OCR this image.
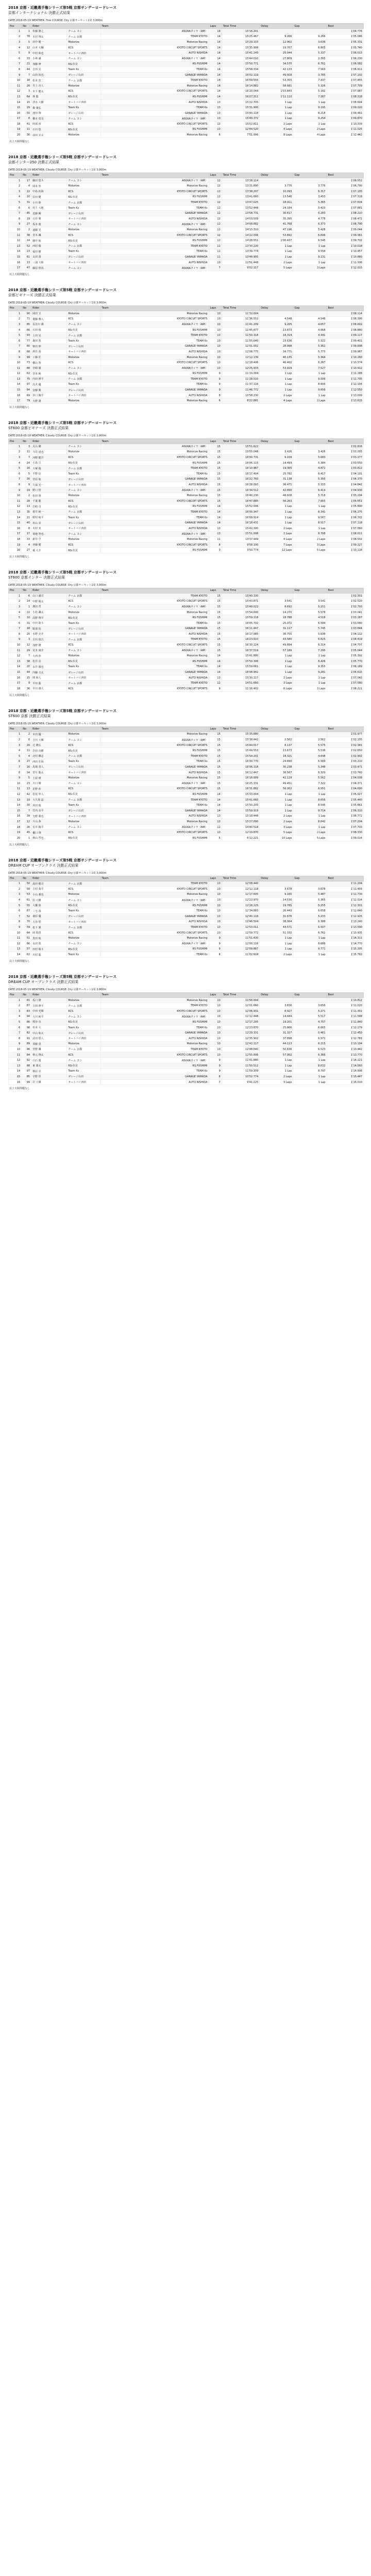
2018 京都・近畿選手権シリーズ第5戦 京都サンデーロードレース
京都インターナショナル 決勝正式結果
DATE:2018-05-19 WEATHER: Fine COURSE: Dry 京都サーキット1周 3,000m
Pos	No	Rider		Team	Laps	Total Time	Delay	Gap	Best
1	1	佐藤 隆之	チーム ヨシ	ASUKAタイヤ（AM）	14	15'16.201			1'04.776
2	78	木村 翔太	チーム 京都	TEAM KYOTO	14	15'25.467	9.266	9.266	1'05.086
3	5	田中 健一	Motorize	Motorize Racing	14	15'29.103	12.902	3.636	1'05.331
4	12	山本 大輔	KCS	KYOTO CIRCUIT SPORTS	14	15'35.908	19.707	6.805	1'05.740
5	9	中村 和也	オートバイ西田	AUTO NISHIDA	14	15'41.245	25.044	5.337	1'06.013
6	33	小林 誠	チーム ヨシ	ASUKAタイヤ（AM）	14	15'44.010	27.809	2.765	1'06.230
7	21	加藤 修	RS-伏見	RS FUSHIMI	14	15'50.771	34.570	6.761	1'06.582
8	44	吉田 亮	Team Ks	TEAM Ks	14	15'58.334	42.133	7.563	1'06.911
9	7	山田 拓也	ガレージ山田	GARAGE YAMADA	14	16'02.119	45.918	3.785	1'07.102
10	18	松本 浩二	チーム 京都	TEAM KYOTO	14	16'09.556	53.355	7.437	1'07.455
11	26	井上 直人	Motorize	Motorize Racing	14	16'14.882	58.681	5.326	1'07.709
12	3	木下 健太	KCS	KYOTO CIRCUIT SPORTS	14	16'20.044	1'03.843	5.162	1'07.987
13	64	林 聡	RS-伏見	RS FUSHIMI	14	16'27.311	1'11.110	7.267	1'08.318
14	15	清水 大樹	オートバイ西田	AUTO NISHIDA	13	15'22.705	1 Lap	1 Lap	1'08.604
15	29	森 康弘	Team Ks	TEAM Ks	13	15'31.900	1 Lap	9.195	1'09.020
16	50	池田 翔	ガレージ山田	GARAGE YAMADA	13	15'40.118	1 Lap	8.218	1'09.441
17	8	橋本 勇気	チーム ヨシ	ASUKAタイヤ（AM）	13	15'49.372	1 Lap	9.254	1'09.870
18	41	阿部 淳	KCS	KYOTO CIRCUIT SPORTS	12	15'02.811	2 Laps	1 Lap	1'10.339
19	11	石川 悠	RS-伏見	RS FUSHIMI	10	12'44.520	4 Laps	2 Laps	1'11.025
20	36	前田 亮太	Motorize	Motorize Racing	6	7'51.006	8 Laps	4 Laps	1'12.442
以上天候問題なし
2018 京都・近畿選手権シリーズ第5戦 京都サンデーロードレース
京都インター250 決勝正式結果
DATE:2018-05-19 WEATHER: Cloudy COURSE: Dry 京都サーキット1周 3,000m
Pos	No	Rider		Team	Laps	Total Time	Delay	Gap	Best
1	17	藤田 悠斗	チーム ヨシ	ASUKAタイヤ（AM）	12	13'28.114			1'06.552
2	4	岡本 隼	Motorize	Motorize Racing	12	13'31.890	3.776	3.776	1'06.790
3	22	中島 拓海	KCS	KYOTO CIRCUIT SPORTS	12	13'38.207	10.093	6.317	1'07.105
4	10	原田 健	RS-伏見	RS FUSHIMI	12	13'41.660	13.546	3.453	1'07.318
5	31	小川 陸	チーム 京都	TEAM KYOTO	12	13'47.025	18.911	5.365	1'07.604
6	6	村上 大地	Team Ks	TEAM Ks	12	13'52.448	24.334	5.423	1'07.881
7	45	近藤 瞬	ガレージ山田	GARAGE YAMADA	12	13'58.731	30.617	6.283	1'08.210
8	19	石井 翼	オートバイ西田	AUTO NISHIDA	12	14'03.509	35.395	4.778	1'08.472
9	27	坂本 蓮	チーム ヨシ	ASUKAタイヤ（AM）	12	14'09.882	41.768	6.373	1'08.790
10	2	遠藤 光	Motorize	Motorize Racing	12	14'15.310	47.196	5.428	1'09.044
11	38	青木 颯	KCS	KYOTO CIRCUIT SPORTS	12	14'22.006	53.892	6.696	1'09.381
12	14	藤井 航	RS-伏見	RS FUSHIMI	12	14'28.551	1'00.437	6.545	1'09.702
13	52	西村 陽	チーム 京都	TEAM KYOTO	11	13'30.220	1 Lap	1 Lap	1'10.018
14	23	福田 樹	Team Ks	TEAM Ks	11	13'39.774	1 Lap	9.554	1'10.457
15	61	太田 湊	ガレージ山田	GARAGE YAMADA	11	13'48.905	1 Lap	9.131	1'10.880
16	13	三浦 大和	オートバイ西田	AUTO NISHIDA	10	12'51.448	2 Laps	1 Lap	1'11.306
17	47	藤原 悠真	チーム ヨシ	ASUKAタイヤ（AM）	7	9'02.117	5 Laps	3 Laps	1'12.015
以上天候問題なし
2018 京都・近畿選手権シリーズ第5戦 京都サンデーロードレース
京都ビギナーズ 決勝正式結果
DATE:2018-05-19 WEATHER: Cloudy COURSE: Dry 京都サーキット1周 3,000m
Pos	No	Rider		Team	Laps	Total Time	Delay	Gap	Best
1	90	岡田 圭	Motorize	Motorize Racing	10	11'32.004			1'08.114
2	71	後藤 雅人	KCS	KYOTO CIRCUIT SPORTS	10	11'36.552	4.548	4.548	1'08.390
3	85	長谷川 潤	チーム ヨシ	ASUKAタイヤ（AM）	10	11'41.209	9.205	4.657	1'08.602
4	66	石田 慎	RS-伏見	RS FUSHIMI	10	11'45.877	13.873	4.668	1'08.880
5	93	上田 晃	チーム 京都	TEAM KYOTO	10	11'50.318	18.314	4.441	1'09.117
6	77	森田 敦	Team Ks	TEAM Ks	10	11'55.640	23.636	5.322	1'09.401
7	80	柴田 伸	ガレージ山田	GARAGE YAMADA	10	12'01.002	28.998	5.362	1'09.698
8	68	酒井 裕	オートバイ西田	AUTO NISHIDA	10	12'06.775	34.771	5.773	1'09.987
9	99	工藤 匠	Motorize	Motorize Racing	10	12'12.139	40.135	5.364	1'10.260
10	73	横山 智	KCS	KYOTO CIRCUIT SPORTS	10	12'18.406	46.402	6.267	1'10.574
11	88	宮崎 徹	チーム ヨシ	ASUKAタイヤ（AM）	10	12'25.933	53.929	7.527	1'10.912
12	62	宮本 純	RS-伏見	RS FUSHIMI	9	11'19.004	1 Lap	1 Lap	1'11.288
13	75	内田 修平	チーム 京都	TEAM KYOTO	9	11'28.510	1 Lap	9.506	1'11.705
14	97	高木 優	Team Ks	TEAM Ks	9	11'37.116	1 Lap	8.606	1'12.104
15	84	安藤 勝	ガレージ山田	GARAGE YAMADA	9	11'46.772	1 Lap	9.656	1'12.550
16	69	谷口 陽介	オートバイ西田	AUTO NISHIDA	8	10'58.230	2 Laps	1 Lap	1'13.009
17	79	大野 雄	Motorize	Motorize Racing	6	8'22.881	4 Laps	2 Laps	1'13.615
以上天候問題なし
2018 京都・近畿選手権シリーズ第5戦 京都サンデーロードレース
ST600 京都ビギナーズ 決勝正式結果
DATE:2018-05-19 WEATHER: Cloudy COURSE: Dry 京都サーキット1周 3,000m
Pos	No	Rider		Team	Laps	Total Time	Delay	Gap	Best
1	3	丸山 剛	チーム ヨシ	ASUKAタイヤ（AM）	15	15'51.622			1'02.816
2	11	今井 達也	Motorize	Motorize Racing	15	15'55.048	3.426	3.426	1'03.005
3	7	河野 健吾	KCS	KYOTO CIRCUIT SPORTS	15	16'00.731	9.109	5.683	1'03.277
4	24	小島 亘	RS-伏見	RS FUSHIMI	15	16'06.115	14.493	5.384	1'03.550
5	16	大塚 俊	チーム 京都	TEAM KYOTO	15	16'10.987	19.365	4.872	1'03.812
6	5	平野 信	Team Ks	TEAM Ks	15	16'17.404	25.782	6.417	1'04.101
7	30	菅原 航	ガレージ山田	GARAGE YAMADA	15	16'22.760	31.138	5.356	1'04.370
8	9	久保 光一	オートバイ西田	AUTO NISHIDA	15	16'28.093	36.471	5.333	1'04.642
9	19	野口 悟	チーム ヨシ	ASUKAタイヤ（AM）	15	16'34.512	42.890	6.419	1'04.930
10	2	松田 将	Motorize	Motorize Racing	15	16'40.230	48.608	5.718	1'05.204
11	28	千葉 龍	KCS	KYOTO CIRCUIT SPORTS	15	16'47.885	56.263	7.655	1'05.551
12	13	岩崎 司	RS-伏見	RS FUSHIMI	14	15'52.006	1 Lap	1 Lap	1'05.890
13	35	桜井 純一	チーム 京都	TEAM KYOTO	14	16'00.347	1 Lap	8.341	1'06.275
14	21	野村 航平	Team Ks	TEAM Ks	14	16'09.914	1 Lap	9.567	1'06.702
15	40	杉山 昇	ガレージ山田	GARAGE YAMADA	14	16'18.431	1 Lap	8.517	1'07.118
16	8	木村 実	オートバイ西田	AUTO NISHIDA	13	15'42.300	2 Laps	1 Lap	1'07.560
17	17	菊地 智也	チーム ヨシ	ASUKAタイヤ（AM）	13	15'51.008	2 Laps	8.708	1'08.011
18	33	新井 亨	Motorize	Motorize Racing	11	13'37.449	4 Laps	2 Laps	1'08.502
19	4	斉藤 健	KCS	KYOTO CIRCUIT SPORTS	8	9'58.100	7 Laps	3 Laps	1'09.227
20	27	堀 大介	RS-伏見	RS FUSHIMI	3	3'50.774	12 Laps	5 Laps	1'10.118
以上天候問題なし
2018 京都・近畿選手権シリーズ第5戦 京都サンデーロードレース
ST600 京都インター 決勝正式結果
DATE:2018-05-19 WEATHER: Cloudy COURSE: Dry 京都サーキット1周 3,000m
Pos	No	Rider		Team	Laps	Total Time	Delay	Gap	Best
1	6	山口 誠司	チーム 京都	TEAM KYOTO	15	15'40.330			1'02.301
2	14	中野 陽太	KCS	KYOTO CIRCUIT SPORTS	15	15'43.871	3.541	3.541	1'02.520
3	1	増田 哲	チーム ヨシ	ASUKAタイヤ（AM）	15	15'49.022	8.692	5.151	1'02.793
4	22	小松 颯太	Motorize	Motorize Racing	15	15'54.600	14.270	5.578	1'03.041
5	10	高野 翔平	RS-伏見	RS FUSHIMI	15	15'59.118	18.788	4.518	1'03.287
6	31	中川 陸斗	Team Ks	TEAM Ks	15	16'05.702	25.372	6.584	1'03.580
7	18	服部 拓	ガレージ山田	GARAGE YAMADA	15	16'11.447	31.117	5.745	1'03.844
8	25	水野 亮介	オートバイ西田	AUTO NISHIDA	15	16'17.085	36.755	5.638	1'04.112
9	3	古川 慎吾	チーム 京都	TEAM KYOTO	15	16'23.910	43.580	6.825	1'04.419
10	12	浅野 隆	KCS	KYOTO CIRCUIT SPORTS	15	16'30.224	49.894	6.314	1'04.707
11	29	荒木 康介	チーム ヨシ	ASUKAタイヤ（AM）	15	16'37.519	57.189	7.295	1'05.044
12	7	大西 渉	Motorize	Motorize Racing	14	15'41.880	1 Lap	1 Lap	1'05.392
13	38	松井 亮	RS-伏見	RS FUSHIMI	14	15'50.306	1 Lap	8.426	1'05.770
14	20	永井 徹也	Team Ks	TEAM Ks	14	15'59.661	1 Lap	9.355	1'06.189
15	44	内藤 圭太	ガレージ山田	GARAGE YAMADA	14	16'08.942	1 Lap	9.281	1'06.615
16	15	関 和人	オートバイ西田	AUTO NISHIDA	13	15'30.117	2 Laps	1 Lap	1'07.042
17	9	平田 聡	チーム 京都	TEAM KYOTO	12	14'51.660	3 Laps	1 Lap	1'07.580
18	36	早川 雄大	KCS	KYOTO CIRCUIT SPORTS	9	11'16.402	6 Laps	3 Laps	1'08.221
以上天候問題なし
2018 京都・近畿選手権シリーズ第5戦 京都サンデーロードレース
ST600 京都 決勝正式結果
DATE:2018-05-19 WEATHER: Cloudy COURSE: Dry 京都サーキット1周 3,000m
Pos	No	Rider		Team	Laps	Total Time	Delay	Gap	Best
1	2	本田 優一	Motorize	Motorize Racing	15	15'35.880			1'01.977
2	8	吉川 大輝	チーム ヨシ	ASUKAタイヤ（AM）	15	15'38.442	2.562	2.562	1'02.105
3	20	辻 隆広	KCS	KYOTO CIRCUIT SPORTS	15	15'44.017	8.137	5.575	1'02.381
4	11	岩田 直樹	RS-伏見	RS FUSHIMI	15	15'49.553	13.673	5.536	1'02.650
5	4	北村 剛志	チーム 京都	TEAM KYOTO	15	15'54.201	18.321	4.648	1'02.902
6	27	西田 匠海	Team Ks	TEAM Ks	15	16'00.770	24.890	6.569	1'03.210
7	16	馬場 勇人	ガレージ山田	GARAGE YAMADA	15	16'06.118	30.238	5.348	1'03.471
8	34	望月 聡太	オートバイ西田	AUTO NISHIDA	15	16'12.447	36.567	6.329	1'03.760
9	5	土屋 瑛	Motorize	Motorize Racing	15	16'18.009	42.129	5.562	1'04.038
10	23	川口 晴	チーム ヨシ	ASUKAタイヤ（AM）	15	16'25.331	49.451	7.322	1'04.371
11	13	星野 渉	KCS	KYOTO CIRCUIT SPORTS	15	16'31.882	56.002	6.551	1'04.690
12	42	松尾 隼人	RS-伏見	RS FUSHIMI	14	15'33.004	1 Lap	1 Lap	1'05.027
13	19	大久保 晶	チーム 京都	TEAM KYOTO	14	15'41.660	1 Lap	8.656	1'05.440
14	30	浜田 俊	Team Ks	TEAM Ks	14	15'50.205	1 Lap	8.545	1'05.861
15	7	竹内 亮平	ガレージ山田	GARAGE YAMADA	14	15'59.919	1 Lap	9.714	1'06.310
16	39	矢野 勝也	オートバイ西田	AUTO NISHIDA	13	15'18.448	2 Laps	1 Lap	1'06.772
17	12	片山 恭	Motorize	Motorize Racing	13	15'27.090	2 Laps	8.642	1'07.204
18	26	荒井 陽平	チーム ヨシ	ASUKAタイヤ（AM）	12	14'40.518	3 Laps	1 Lap	1'07.703
19	45	樋口 翔	KCS	KYOTO CIRCUIT SPORTS	10	12'19.870	5 Laps	2 Laps	1'08.330
20	1	秋山 哲也	RS-伏見	RS FUSHIMI	5	6'12.221	10 Laps	5 Laps	1'09.014
以上天候問題なし
2018 京都・近畿選手権シリーズ第5戦 京都サンデーロードレース
DREAM CUP オープンクラス 決勝正式結果
DATE:2018-05-19 WEATHER: Cloudy COURSE: Dry 京都サーキット1周 3,000m
Pos	No	Rider		Team	Laps	Total Time	Delay	Gap	Best
1	50	島田 健司	チーム 京都	TEAM KYOTO	10	12'08.440			1'11.204
2	58	吉村 恭平	KCS	KYOTO CIRCUIT SPORTS	10	12'12.118	3.678	3.678	1'11.455
3	53	小山 雅也	Motorize	Motorize Racing	10	12'17.605	9.165	5.487	1'11.730
4	61	原 大樹	チーム ヨシ	ASUKAタイヤ（AM）	10	12'22.970	14.530	5.365	1'12.014
5	55	大橋 陸	RS-伏見	RS FUSHIMI	10	12'28.225	19.785	5.255	1'12.301
6	67	三宅 湊	Team Ks	TEAM Ks	10	12'34.883	26.443	6.658	1'12.640
7	52	桑原 優	ガレージ山田	GARAGE YAMADA	10	12'40.116	31.676	5.233	1'12.915
8	70	大谷 悠	オートバイ西田	AUTO NISHIDA	10	12'46.504	38.064	6.388	1'13.240
9	59	松下 翼	チーム 京都	TEAM KYOTO	10	12'53.011	44.571	6.507	1'13.590
10	64	岡 瑞貴	KCS	KYOTO CIRCUIT SPORTS	10	12'59.772	51.332	6.761	1'13.935
11	51	黒田 航	Motorize	Motorize Racing	9	11'51.430	1 Lap	1 Lap	1'14.311
12	66	永田 篤	チーム ヨシ	ASUKAタイヤ（AM）	9	12'00.116	1 Lap	8.686	1'14.770
13	57	田村 陽斗	RS-伏見	RS FUSHIMI	9	12'09.887	1 Lap	9.771	1'15.205
14	62	川村 聡	Team Ks	TEAM Ks	8	11'02.604	2 Laps	1 Lap	1'15.760
以上天候問題なし
2018 京都・近畿選手権シリーズ第5戦 京都サンデーロードレース
DREAM CUP オープンクラス 決勝正式結果
DATE:2018-05-19 WEATHER: Cloudy COURSE: Dry 京都サーキット1周 3,000m
Pos	No	Rider		Team	Laps	Total Time	Delay	Gap	Best
1	81	坂口 隆	Motorize	Motorize Racing	10	11'58.004			1'10.812
2	87	吉岡 修平	チーム 京都	TEAM KYOTO	10	12'01.660	3.656	3.656	1'11.020
3	83	中田 光輝	KCS	KYOTO CIRCUIT SPORTS	10	12'06.931	8.927	5.271	1'11.301
4	94	大川 純平	チーム ヨシ	ASUKAタイヤ（AM）	10	12'12.448	14.444	5.517	1'11.588
5	86	熊谷 直	RS-伏見	RS FUSHIMI	10	12'17.205	19.201	4.757	1'11.840
6	98	杉本 大	Team Ks	TEAM Ks	10	12'23.870	25.866	6.665	1'12.179
7	82	中山 航太	ガレージ山田	GARAGE YAMADA	10	12'29.331	31.327	5.461	1'12.450
8	91	武田 悠人	オートバイ西田	AUTO NISHIDA	10	12'35.902	37.898	6.571	1'12.781
9	89	須藤 貴	Motorize	Motorize Racing	10	12'42.117	44.113	6.215	1'13.104
10	96	菅野 颯	チーム 京都	TEAM KYOTO	10	12'48.640	50.636	6.523	1'13.442
11	84	秋元 翔太	KCS	KYOTO CIRCUIT SPORTS	10	12'55.006	57.002	6.366	1'13.770
12	92	白石 蓮	チーム ヨシ	ASUKAタイヤ（AM）	9	11'41.880	1 Lap	1 Lap	1'14.121
13	88	東 雄太	RS-伏見	RS FUSHIMI	9	11'50.512	1 Lap	8.632	1'14.560
14	97	篠原 亮	Team Ks	TEAM Ks	9	11'59.309	1 Lap	8.797	1'14.998
15	85	宇野 悟	ガレージ山田	GARAGE YAMADA	8	10'52.774	2 Laps	1 Lap	1'15.447
16	99	岸 大輝	オートバイ西田	AUTO NISHIDA	7	9'41.225	3 Laps	1 Lap	1'16.010
以上天候問題なし
